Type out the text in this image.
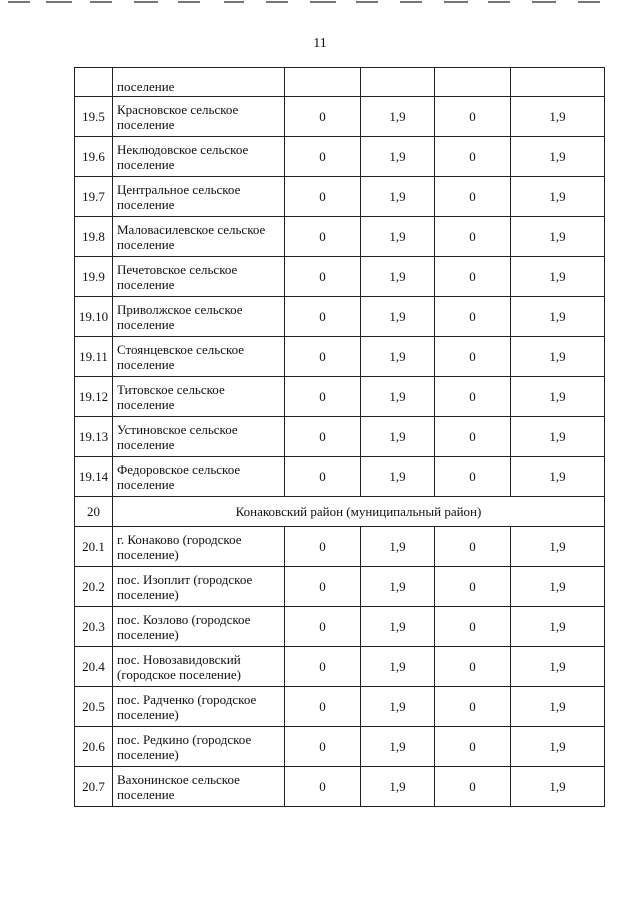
11
	поселение				
19.5	Красновское сельское поселение	0	1,9	0	1,9
19.6	Неклюдовское сельское поселение	0	1,9	0	1,9
19.7	Центральное сельское поселение	0	1,9	0	1,9
19.8	Маловасилевское сельское поселение	0	1,9	0	1,9
19.9	Печетовское сельское поселение	0	1,9	0	1,9
19.10	Приволжское сельское поселение	0	1,9	0	1,9
19.11	Стоянцевское сельское поселение	0	1,9	0	1,9
19.12	Титовское сельское поселение	0	1,9	0	1,9
19.13	Устиновское сельское поселение	0	1,9	0	1,9
19.14	Федоровское сельское поселение	0	1,9	0	1,9
20	Конаковский район (муниципальный район)				
20.1	г. Конаково (городское поселение)	0	1,9	0	1,9
20.2	пос. Изоплит (городское поселение)	0	1,9	0	1,9
20.3	пос. Козлово (городское поселение)	0	1,9	0	1,9
20.4	пос. Новозавидовский (городское поселение)	0	1,9	0	1,9
20.5	пос. Радченко (городское поселение)	0	1,9	0	1,9
20.6	пос. Редкино (городское поселение)	0	1,9	0	1,9
20.7	Вахонинское сельское поселение	0	1,9	0	1,9
